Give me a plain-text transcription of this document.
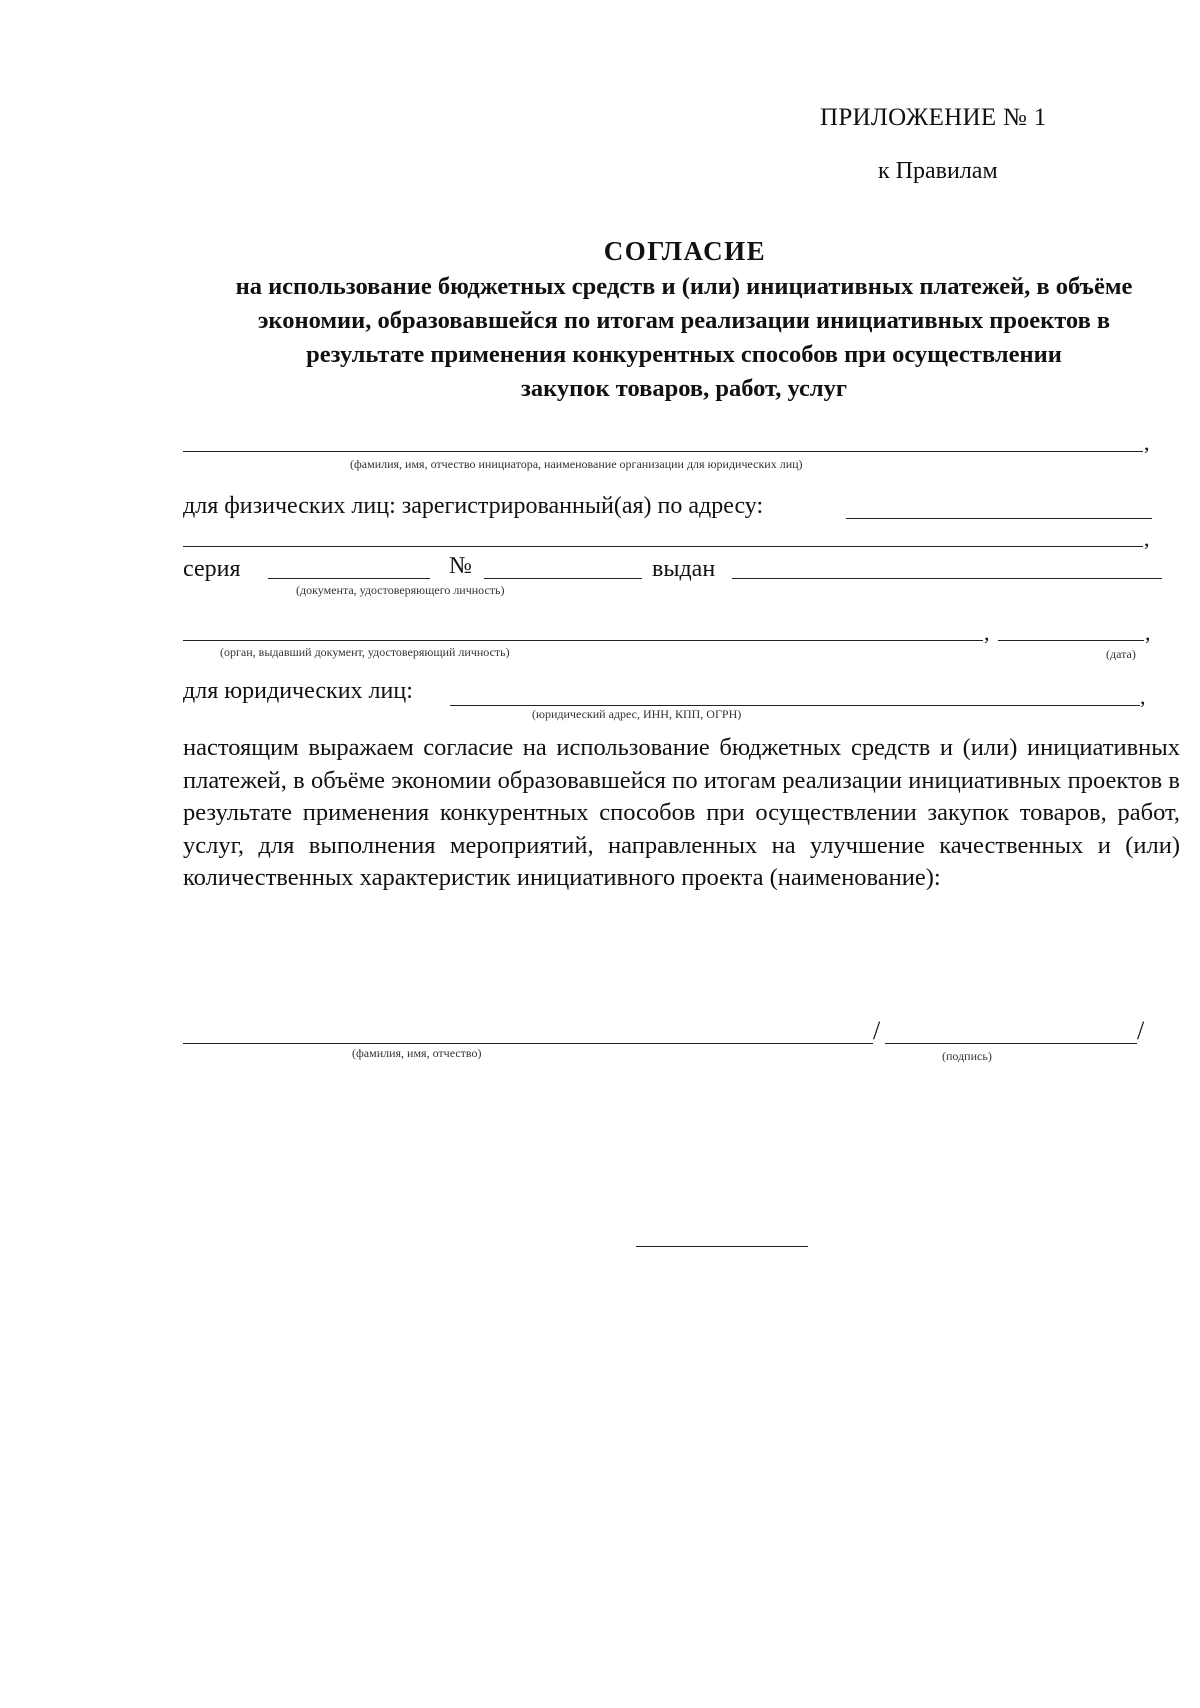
ПРИЛОЖЕНИЕ № 1
к Правилам
СОГЛАСИЕ
на использование бюджетных средств и (или) инициативных платежей, в объёме
экономии, образовавшейся по итогам реализации инициативных проектов в
результате применения конкурентных способов при осуществлении
закупок товаров, работ, услуг
,
(фамилия, имя, отчество инициатора, наименование организации для юридических лиц)
для физических лиц: зарегистрированный(ая) по адресу:
,
серия	№	выдан
(документа, удостоверяющего личность)
,	,
(орган, выдавший документ, удостоверяющий личность)	(дата)
для юридических лиц:	,
(юридический адрес, ИНН, КПП, ОГРН)
настоящим выражаем согласие на использование бюджетных средств и (или) инициативных платежей, в объёме экономии образовавшейся по итогам реализации инициативных проектов в результате применения конкурентных способов при осуществлении закупок товаров, работ, услуг, для выполнения мероприятий, направленных на улучшение качественных и (или) количественных характеристик инициативного проекта (наименование):
/	/
(фамилия, имя, отчество)	(подпись)
